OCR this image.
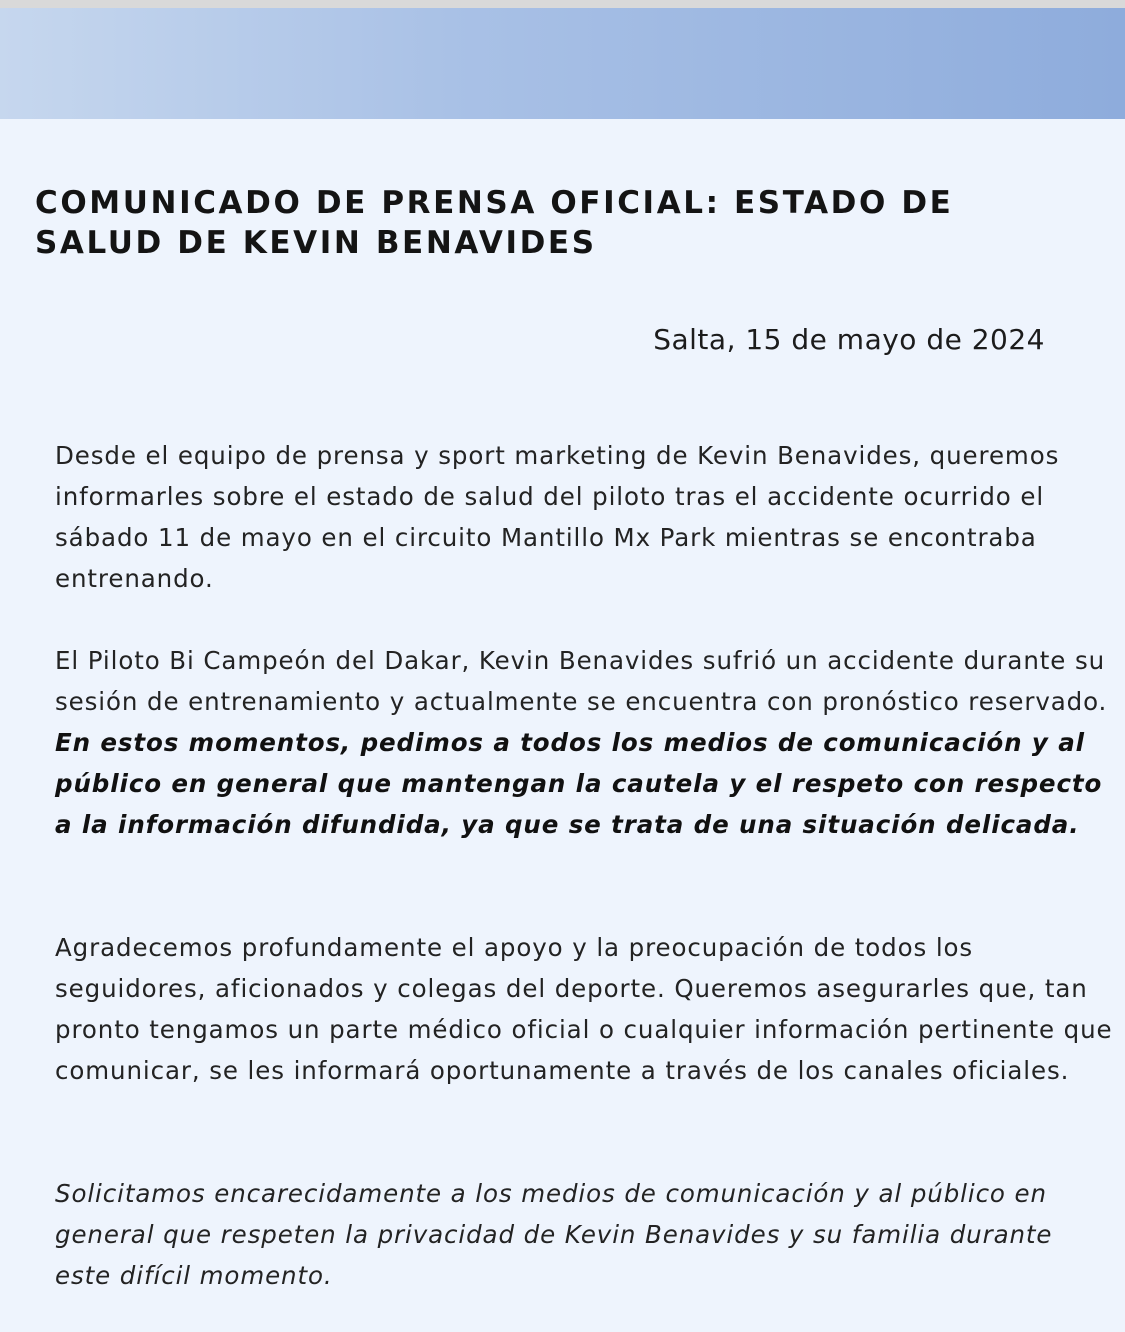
COMUNICADO DE PRENSA OFICIAL: ESTADO DE SALUD DE KEVIN BENAVIDES

Salta, 15 de mayo de 2024

Desde el equipo de prensa y sport marketing de Kevin Benavides, queremos informarles sobre el estado de salud del piloto tras el accidente ocurrido el sábado 11 de mayo en el circuito Mantillo Mx Park mientras se encontraba entrenando.

El Piloto Bi Campeón del Dakar, Kevin Benavides sufrió un accidente durante su sesión de entrenamiento y actualmente se encuentra con pronóstico reservado. En estos momentos, pedimos a todos los medios de comunicación y al público en general que mantengan la cautela y el respeto con respecto a la información difundida, ya que se trata de una situación delicada.

Agradecemos profundamente el apoyo y la preocupación de todos los seguidores, aficionados y colegas del deporte. Queremos asegurarles que, tan pronto tengamos un parte médico oficial o cualquier información pertinente que comunicar, se les informará oportunamente a través de los canales oficiales.

Solicitamos encarecidamente a los medios de comunicación y al público en general que respeten la privacidad de Kevin Benavides y su familia durante este difícil momento.
